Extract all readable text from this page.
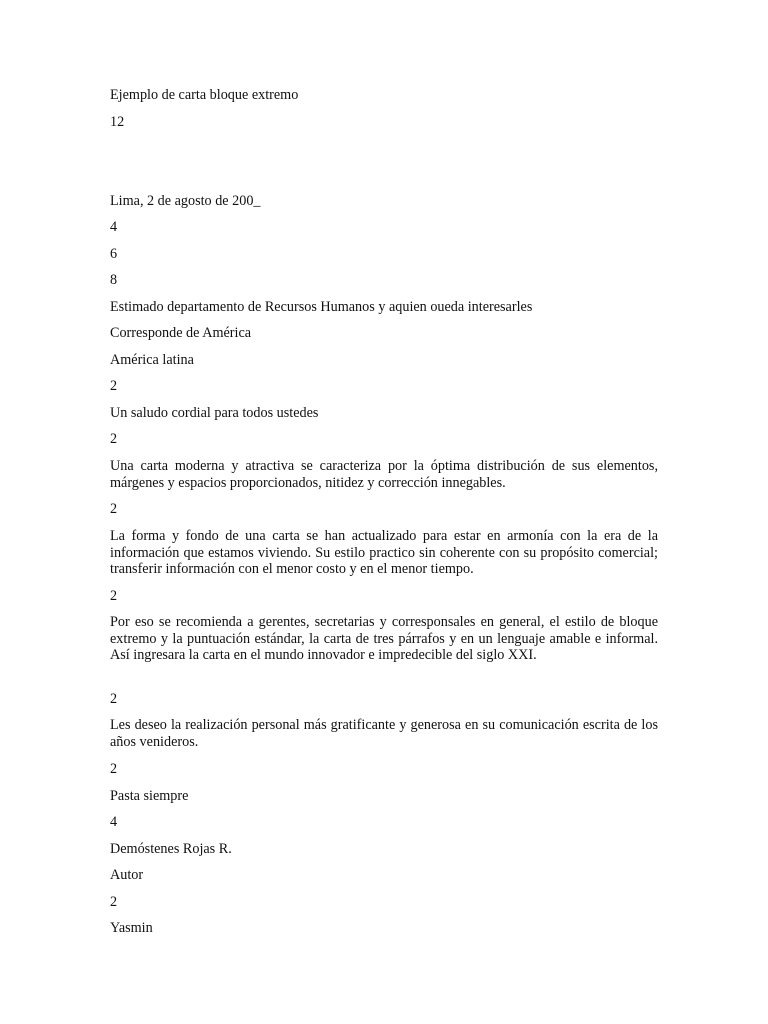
Ejemplo de carta bloque extremo
12
Lima, 2 de agosto de 200_
4
6
8
Estimado departamento de Recursos Humanos y aquien oueda interesarles
Corresponde de América
América latina
2
Un saludo cordial para todos ustedes
2
Una carta moderna y atractiva se caracteriza por la óptima distribución de sus elementos, márgenes y espacios proporcionados, nitidez y corrección innegables.
2
La forma y fondo de una carta se han actualizado para estar en armonía con la era de la información que estamos viviendo. Su estilo practico sin coherente con su propósito comercial; transferir información con el menor costo y en el menor tiempo.
2
Por eso se recomienda a gerentes, secretarias y corresponsales en general, el estilo de bloque extremo y la puntuación estándar, la carta de tres párrafos y en un lenguaje amable e informal. Así ingresara la carta en el mundo innovador e impredecible del siglo XXI.
2
Les deseo la realización personal más gratificante y generosa en su comunicación escrita de los años venideros.
2
Pasta siempre
4
Demóstenes Rojas R.
Autor
2
Yasmin
